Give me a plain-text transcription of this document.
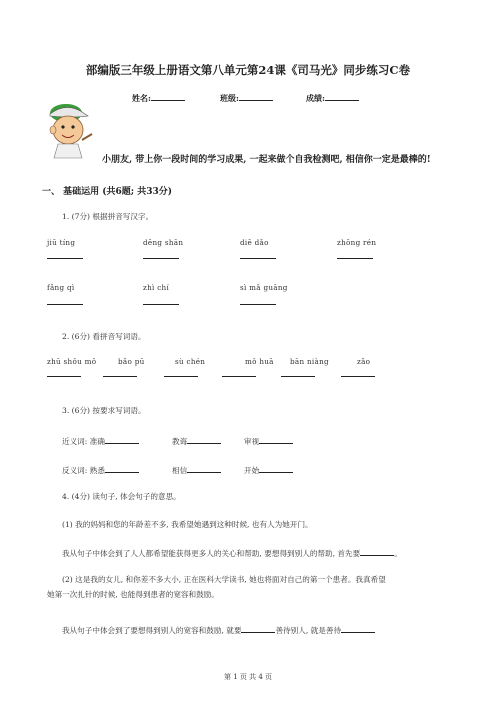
部编版三年级上册语文第八单元第24课《司马光》同步练习C卷
姓名:	班级:	成绩:
小朋友, 带上你一段时间的学习成果, 一起来做个自我检测吧, 相信你一定是最棒的!
一、 基础运用 (共6题; 共33分)
1. (7分) 根据拼音写汉字。
jiū tíng	dēng shān	diē dǎo	zhōng rén
fǎng qì	zhì chí	sì mǎ guāng
2. (6分) 看拼音写词语。
zhū shǒu mǒ	bǎo pū	sù chén	mǒ huā bān niàng	zǎo
3. (6分) 按要求写词语。
近义词: 准确	教诲	审视
反义词: 熟悉	相信	开始
4. (4分) 读句子, 体会句子的意思。
(1) 我的妈妈和您的年龄差不多, 我希望她遇到这种时候, 也有人为她开门。
我从句子中体会到了人人都希望能获得更多人的关心和帮助, 要想得到别人的帮助, 首先要	。
(2) 这是我的女儿, 和你差不多大小, 正在医科大学读书, 她也将面对自己的第一个患者。我真希望
她第一次扎针的时候, 也能得到患者的宽容和鼓励。
我从句子中体会到了要想得到别人的宽容和鼓励, 就要	善待别人, 就是善待
第 1 页 共 4 页
